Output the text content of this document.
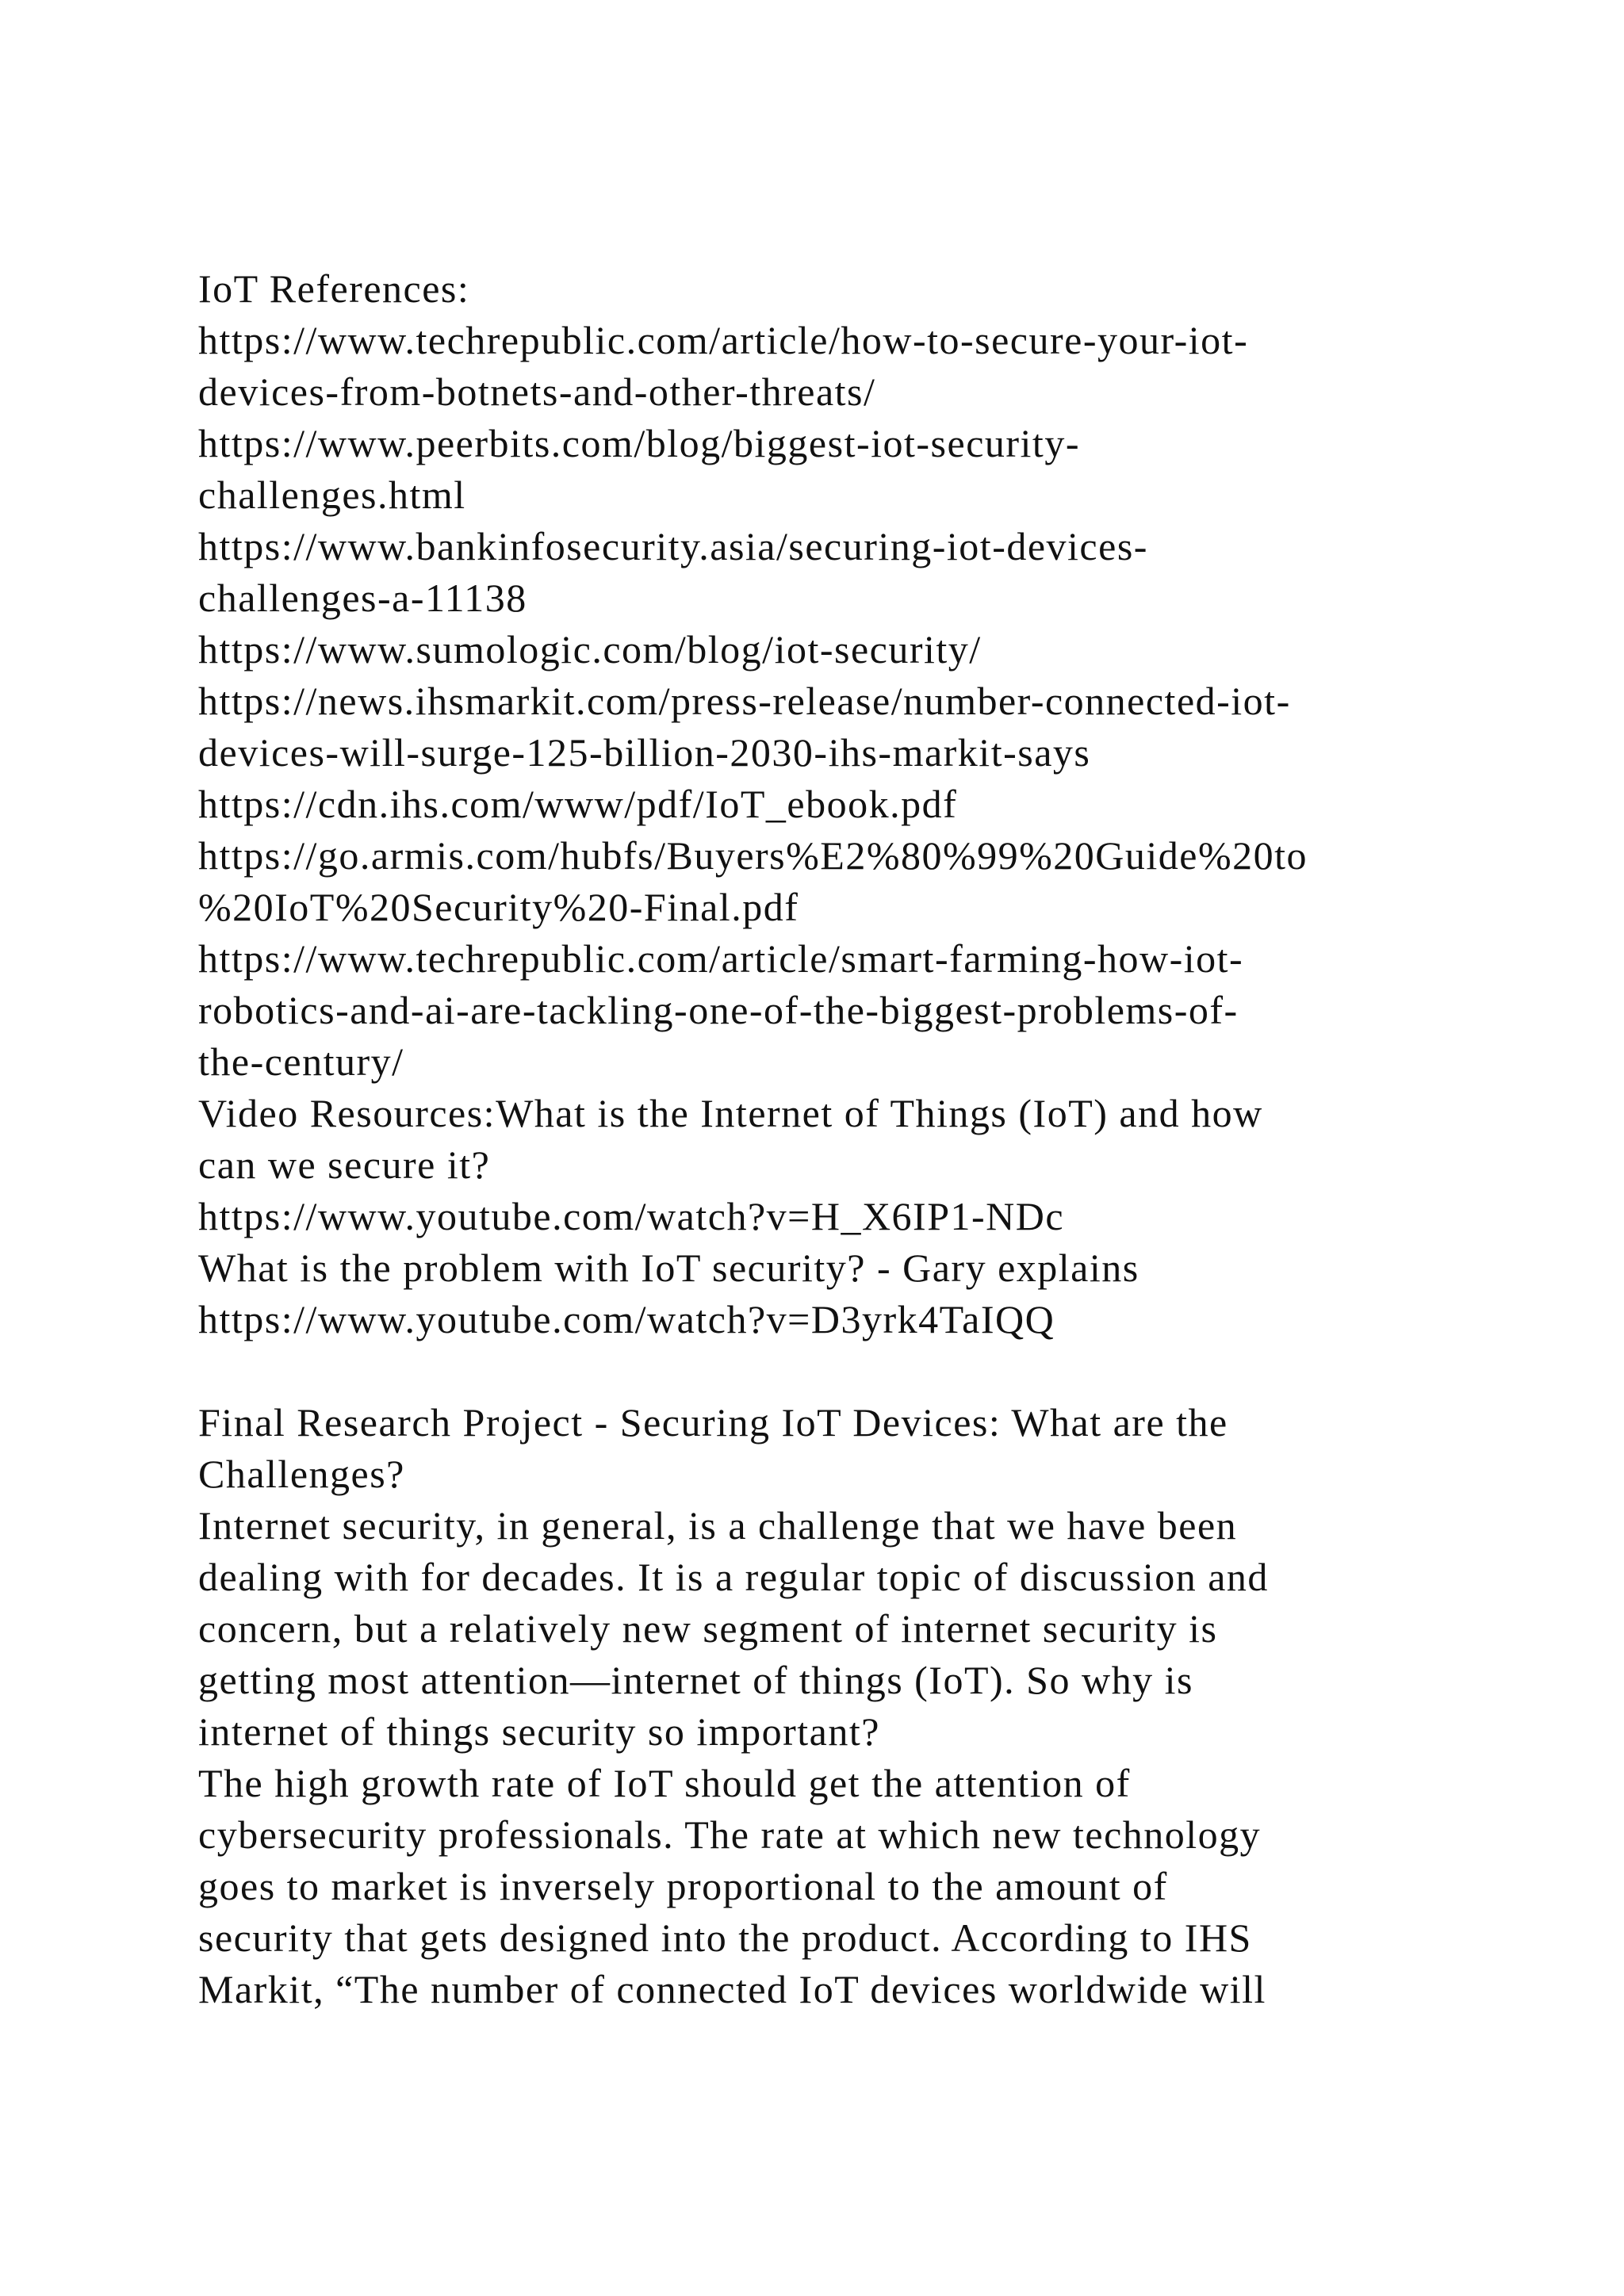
IoT References:
https://www.techrepublic.com/article/how-to-secure-your-iot-
devices-from-botnets-and-other-threats/
https://www.peerbits.com/blog/biggest-iot-security-
challenges.html
https://www.bankinfosecurity.asia/securing-iot-devices-
challenges-a-11138
https://www.sumologic.com/blog/iot-security/
https://news.ihsmarkit.com/press-release/number-connected-iot-
devices-will-surge-125-billion-2030-ihs-markit-says
https://cdn.ihs.com/www/pdf/IoT_ebook.pdf
https://go.armis.com/hubfs/Buyers%E2%80%99%20Guide%20to
%20IoT%20Security%20-Final.pdf
https://www.techrepublic.com/article/smart-farming-how-iot-
robotics-and-ai-are-tackling-one-of-the-biggest-problems-of-
the-century/
Video Resources:What is the Internet of Things (IoT) and how
can we secure it?
https://www.youtube.com/watch?v=H_X6IP1-NDc
What is the problem with IoT security? - Gary explains
https://www.youtube.com/watch?v=D3yrk4TaIQQ
Final Research Project - Securing IoT Devices: What are the
Challenges?
Internet security, in general, is a challenge that we have been
dealing with for decades. It is a regular topic of discussion and
concern, but a relatively new segment of internet security is
getting most attention—internet of things (IoT). So why is
internet of things security so important?
The high growth rate of IoT should get the attention of
cybersecurity professionals. The rate at which new technology
goes to market is inversely proportional to the amount of
security that gets designed into the product. According to IHS
Markit, “The number of connected IoT devices worldwide will
